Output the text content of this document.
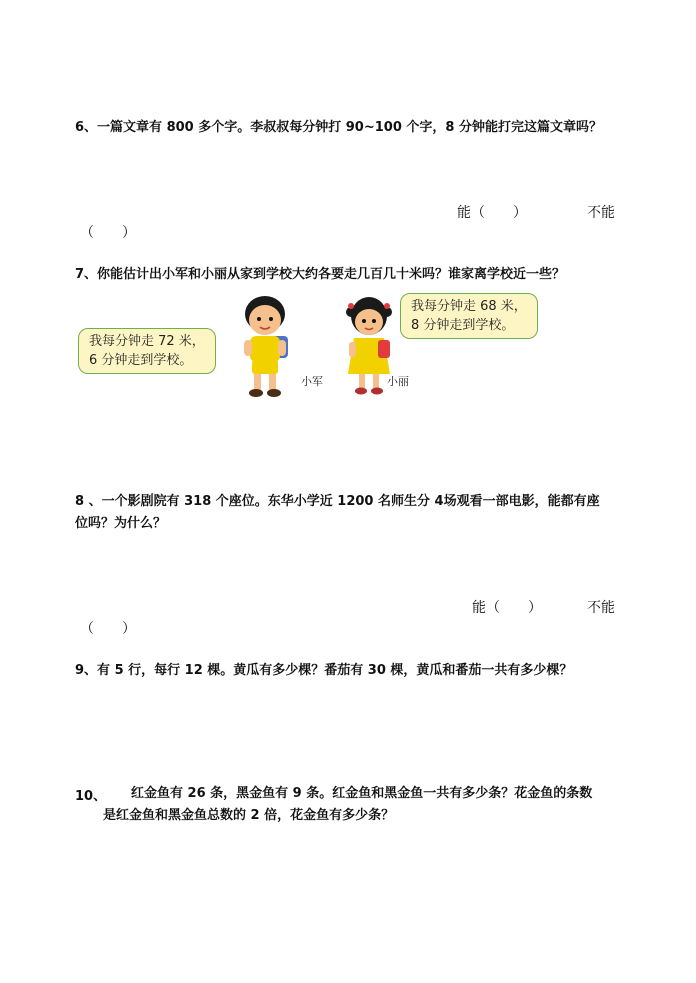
6、一篇文章有 800 多个字。李叔叔每分钟打 90~100 个字，8 分钟能打完这篇文章吗？
能（　　）	不能
（　　）
7、你能估计出小军和小丽从家到学校大约各要走几百几十米吗？谁家离学校近一些？
我每分钟走 72 米，
6 分钟走到学校。
我每分钟走 68 米，
8 分钟走到学校。
小军	小丽
8 、一个影剧院有 318 个座位。东华小学近 1200 名师生分 4场观看一部电影，能都有座
位吗？为什么？
能（　　）	不能
（　　）
9、有 5 行，每行 12 棵。黄瓜有多少棵？番茄有 30 棵，黄瓜和番茄一共有多少棵？
10、 红金鱼有 26 条，黑金鱼有 9 条。红金鱼和黑金鱼一共有多少条？花金鱼的条数
是红金鱼和黑金鱼总数的 2 倍，花金鱼有多少条？
